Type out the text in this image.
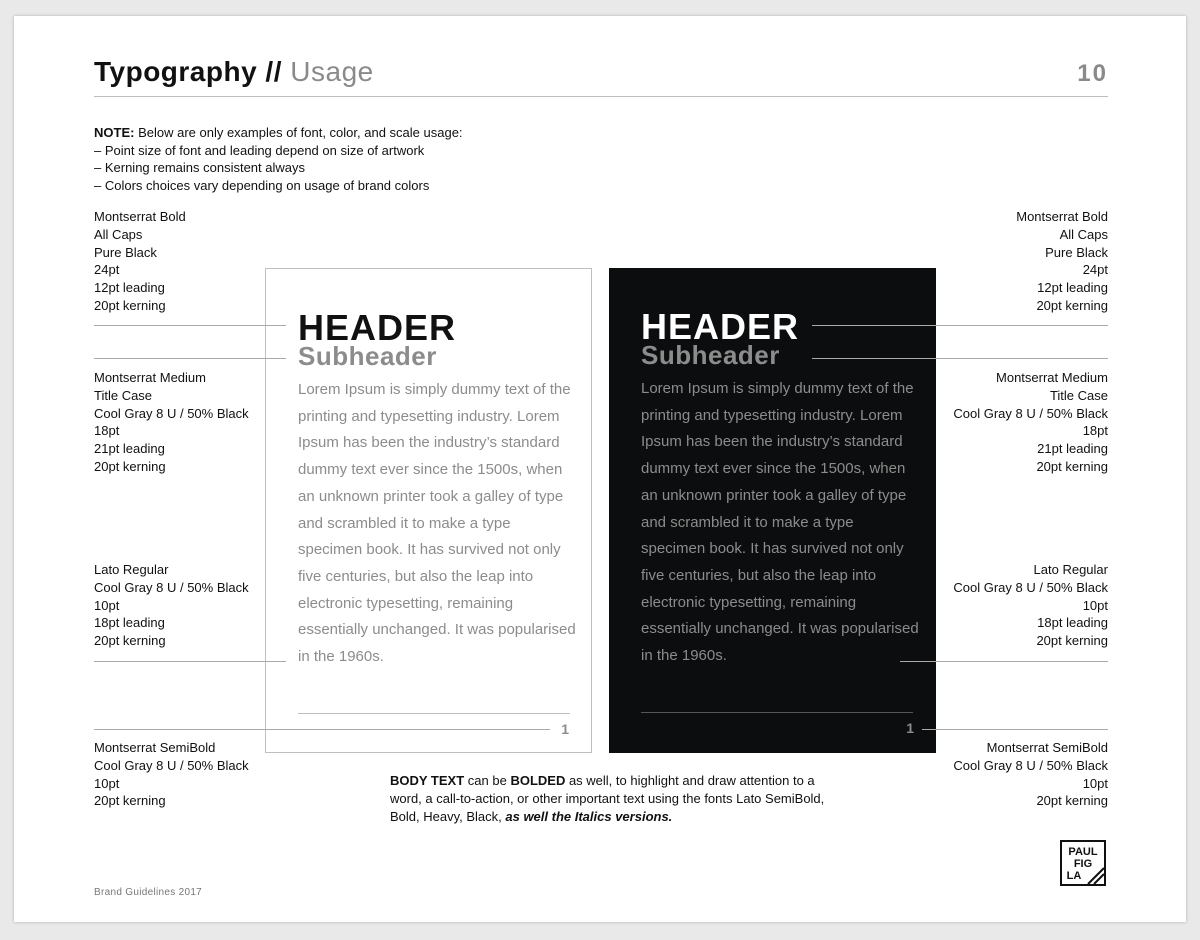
Typography // Usage	10
NOTE: Below are only examples of font, color, and scale usage:
– Point size of font and leading depend on size of artwork
– Kerning remains consistent always
– Colors choices vary depending on usage of brand colors
Montserrat Bold
All Caps
Pure Black
24pt
12pt leading
20pt kerning
Montserrat Medium
Title Case
Cool Gray 8 U / 50% Black
18pt
21pt leading
20pt kerning
Lato Regular
Cool Gray 8 U / 50% Black
10pt
18pt leading
20pt kerning
Montserrat SemiBold
Cool Gray 8 U / 50% Black
10pt
20pt kerning
Montserrat Bold
All Caps
Pure Black
24pt
12pt leading
20pt kerning
Montserrat Medium
Title Case
Cool Gray 8 U / 50% Black
18pt
21pt leading
20pt kerning
Lato Regular
Cool Gray 8 U / 50% Black
10pt
18pt leading
20pt kerning
Montserrat SemiBold
Cool Gray 8 U / 50% Black
10pt
20pt kerning
HEADER
Subheader
Lorem Ipsum is simply dummy text of the printing and typesetting industry. Lorem Ipsum has been the industry’s standard dummy text ever since the 1500s, when an unknown printer took a galley of type and scrambled it to make a type specimen book. It has survived not only five centuries, but also the leap into electronic typesetting, remaining essentially unchanged. It was popularised in the 1960s.
1
HEADER
Subheader
Lorem Ipsum is simply dummy text of the printing and typesetting industry. Lorem Ipsum has been the industry’s standard dummy text ever since the 1500s, when an unknown printer took a galley of type and scrambled it to make a type specimen book. It has survived not only five centuries, but also the leap into electronic typesetting, remaining essentially unchanged. It was popularised in the 1960s.
1
BODY TEXT can be BOLDED as well, to highlight and draw attention to a word, a call-to-action, or other important text using the fonts Lato SemiBold, Bold, Heavy, Black, as well the Italics versions.
Brand Guidelines 2017
PAUL
FIG
LA
